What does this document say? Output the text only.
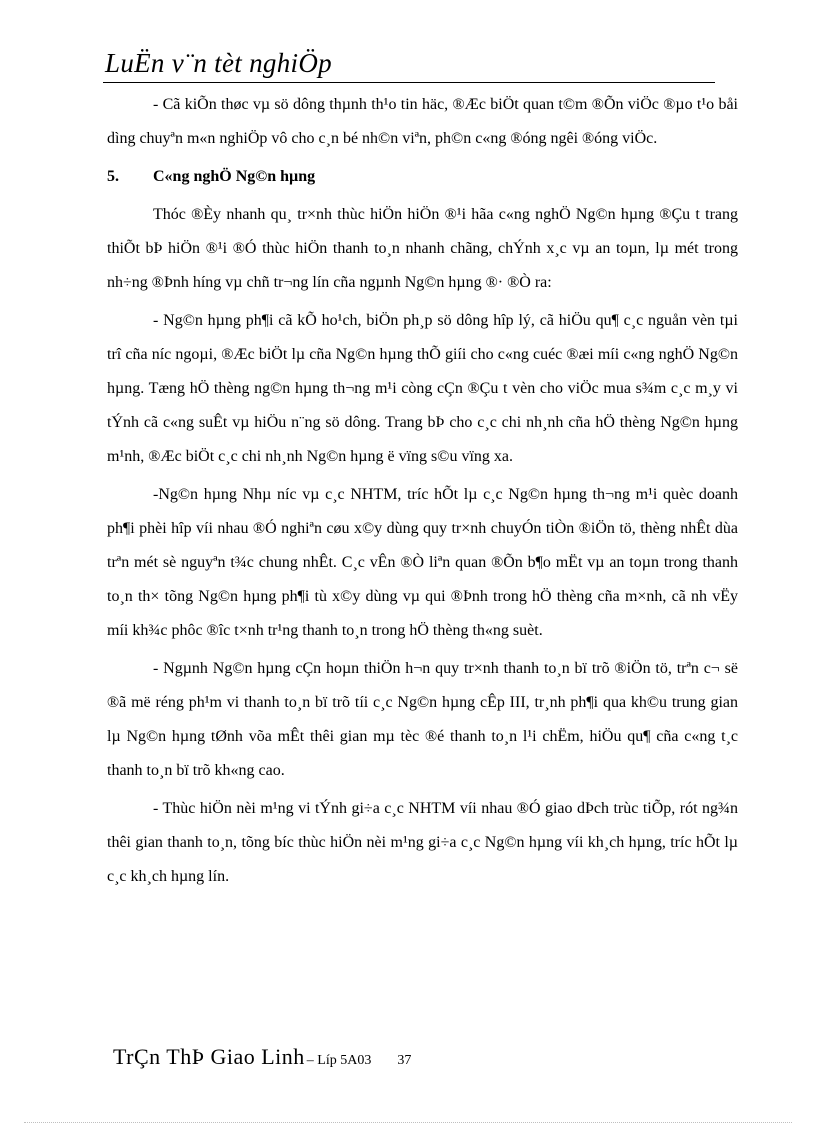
LuËn v¨n tèt nghiÖp

- Cã kiÕn thøc vµ sö dông thµnh th¹o tin häc, ®Æc biÖt quan t©m ®Õn viÖc ®µo t¹o båi dìng chuyªn m«n nghiÖp vô cho c¸n bé nh©n viªn, ph©n c«ng ®óng ngêi ®óng viÖc.

5. C«ng nghÖ Ng©n hµng

Thóc ®Èy nhanh qu¸ tr×nh thùc hiÖn hiÖn ®¹i hãa c«ng nghÖ Ng©n hµng ®Çu t trang thiÕt bÞ hiÖn ®¹i ®Ó thùc hiÖn thanh to¸n nhanh chãng, chÝnh x¸c vµ an toµn, lµ mét trong nh÷ng ®Þnh híng vµ chñ tr¬ng lín cña ngµnh Ng©n hµng ®· ®Ò ra:

- Ng©n hµng ph¶i cã kÕ ho¹ch, biÖn ph¸p sö dông hîp lý, cã hiÖu qu¶ c¸c nguån vèn tµi trî cña níc ngoµi, ®Æc biÖt lµ cña Ng©n hµng thÕ giíi cho c«ng cuéc ®æi míi c«ng nghÖ Ng©n hµng. Tæng hÖ thèng ng©n hµng th¬ng m¹i còng cÇn ®Çu t vèn cho viÖc mua s¾m c¸c m¸y vi tÝnh cã c«ng suÊt vµ hiÖu n¨ng sö dông. Trang bÞ cho c¸c chi nh¸nh cña hÖ thèng Ng©n hµng m¹nh, ®Æc biÖt c¸c chi nh¸nh Ng©n hµng ë vïng s©u vïng xa.

-Ng©n hµng Nhµ níc vµ c¸c NHTM, tríc hÕt lµ c¸c Ng©n hµng th¬ng m¹i quèc doanh ph¶i phèi hîp víi nhau ®Ó nghiªn cøu x©y dùng quy tr×nh chuyÓn tiÒn ®iÖn tö, thèng nhÊt dùa trªn mét sè nguyªn t¾c chung nhÊt. C¸c vÊn ®Ò liªn quan ®Õn b¶o mËt vµ an toµn trong thanh to¸n th× tõng Ng©n hµng ph¶i tù x©y dùng vµ qui ®Þnh trong hÖ thèng cña m×nh, cã nh vËy míi kh¾c phôc ®îc t×nh tr¹ng thanh to¸n trong hÖ thèng th«ng suèt.

- Ngµnh Ng©n hµng cÇn hoµn thiÖn h¬n quy tr×nh thanh to¸n bï trõ ®iÖn tö, trªn c¬ së ®ã më réng ph¹m vi thanh to¸n bï trõ tíi c¸c Ng©n hµng cÊp III, tr¸nh ph¶i qua kh©u trung gian lµ Ng©n hµng tØnh võa mÊt thêi gian mµ tèc ®é thanh to¸n l¹i chËm, hiÖu qu¶ cña c«ng t¸c thanh to¸n bï trõ kh«ng cao.

- Thùc hiÖn nèi m¹ng vi tÝnh gi÷a c¸c NHTM víi nhau ®Ó giao dÞch trùc tiÕp, rót ng¾n thêi gian thanh to¸n, tõng bíc thùc hiÖn nèi m¹ng gi÷a c¸c Ng©n hµng víi kh¸ch hµng, tríc hÕt lµ c¸c kh¸ch hµng lín.

TrÇn ThÞ Giao Linh – Líp 5A03 37
